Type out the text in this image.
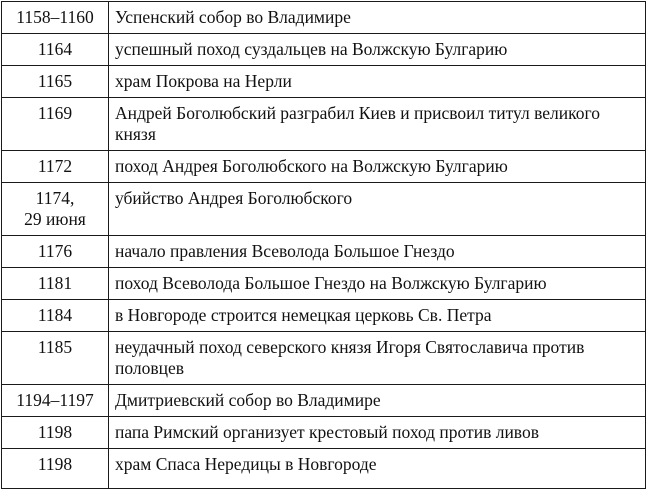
1158–1160	Успенский собор во Владимире

1164	успешный поход суздальцев на Волжскую Булгарию

1165	храм Покрова на Нерли

1169	Андрей Боголюбский разграбил Киев и присвоил титул великого князя

1172	поход Андрея Боголюбского на Волжскую Булгарию

1174,
29 июня	убийство Андрея Боголюбского

1176	начало правления Всеволода Большое Гнездо

1181	поход Всеволода Большое Гнездо на Волжскую Булгарию

1184	в Новгороде строится немецкая церковь Св. Петра

1185	неудачный поход северского князя Игоря Святославича против половцев

1194–1197	Дмитриевский собор во Владимире

1198	папа Римский организует крестовый поход против ливов

1198	храм Спаса Нередицы в Новгороде
